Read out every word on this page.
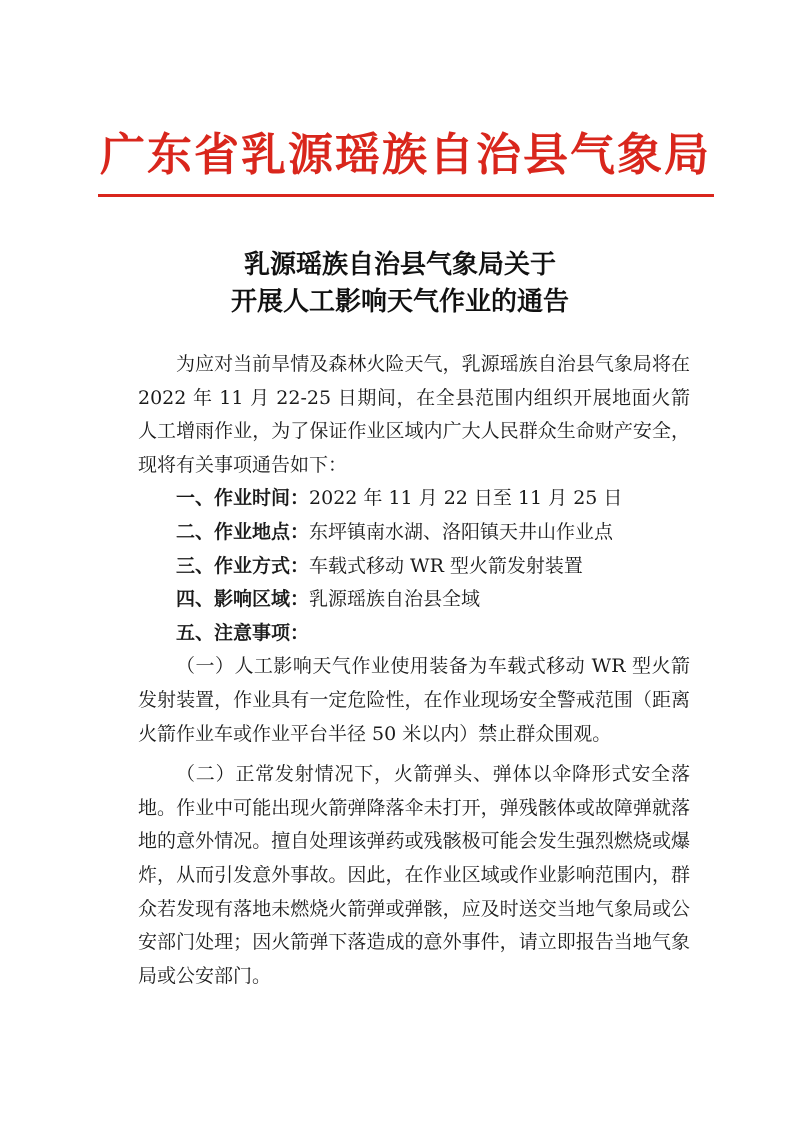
广东省乳源瑶族自治县气象局
乳源瑶族自治县气象局关于
开展人工影响天气作业的通告

为应对当前旱情及森林火险天气，乳源瑶族自治县气象局将在 2022 年 11 月 22-25 日期间，在全县范围内组织开展地面火箭人工增雨作业，为了保证作业区域内广大人民群众生命财产安全，现将有关事项通告如下：

一、作业时间：2022 年 11 月 22 日至 11 月 25 日

二、作业地点：东坪镇南水湖、洛阳镇天井山作业点

三、作业方式：车载式移动 WR 型火箭发射装置

四、影响区域：乳源瑶族自治县全域

五、注意事项：

（一）人工影响天气作业使用装备为车载式移动 WR 型火箭发射装置，作业具有一定危险性，在作业现场安全警戒范围（距离火箭作业车或作业平台半径 50 米以内）禁止群众围观。

（二）正常发射情况下，火箭弹头、弹体以伞降形式安全落地。作业中可能出现火箭弹降落伞未打开，弹残骸体或故障弹就落地的意外情况。擅自处理该弹药或残骸极可能会发生强烈燃烧或爆炸，从而引发意外事故。因此，在作业区域或作业影响范围内，群众若发现有落地未燃烧火箭弹或弹骸，应及时送交当地气象局或公安部门处理；因火箭弹下落造成的意外事件，请立即报告当地气象局或公安部门。
